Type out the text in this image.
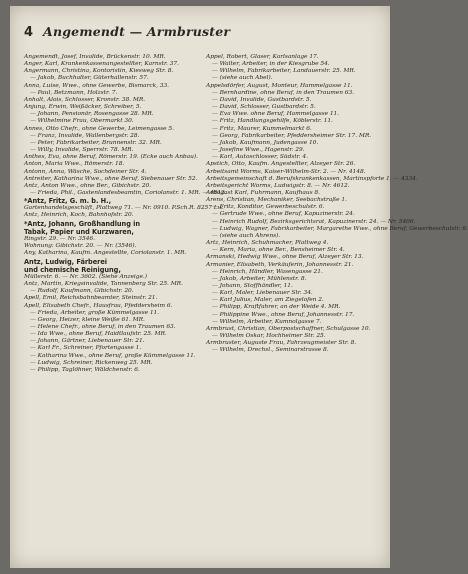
4 Angemendt — Armbruster
Angemendt, Josef, Invalide, Brückenstr. 10. MR.
Anger, Karl, Krankenkassenangestellter, Karnstr. 37.
Angermann, Christina, Kontoristin, Kiesweg Str. 8.
— Jakob, Buchhalter, Güterhallenstr. 57.
Anna, Luise, Wwe., ohne Gewerbe, Bismarck, 33.
— Paul, Betzmann, Holzstr. 7.
Anhalt, Alois, Schlosser, Kronstr. 38. MR.
Anjung, Erwin, Weißäcker, Schreiber, 5.
— Johann, Pensionär, Rosengasse 28. MR.
— Wilhelmine Frau, Obermarkt 30.
Annes, Otto Chefr., ohne Gewerbe, Leimengasse 5.
— Franz, Invalide, Wallenbergstr. 28.
— Peter, Fabrikarbeiter, Brunnenstr. 32. MR.
— Willy, Invalide, Sperrstr. 78. MR.
Anthes, Eva, ohne Beruf, Römerstr. 19. (Ecke auch Anbau).
Anton, Maria Wwe., Römerstr. 18.
Antonn, Anna, Wäsche, Sochdeiner Str. 4.
Antreiter, Katharina Wwe., ohne Beruf, Siebenauer Str. 52.
Antz, Anton Wwe., ohne Ber., Gibichstr. 20.
— Frieda, Phil., Gastenlandesbeamtin, Coriolanstr. 1. MR. — 4812.
*Antz, Fritz, G. m. b. H.,
Gartenhandelsgeschäft, Plattweg 71. — Nr. 0910. P.Sch.R. 8257 Lw.
Antz, Heinrich, Koch, Bahnhofstr. 20.
*Antz, Johann, Großhandlung in
Tabak, Papier und Kurzwaren,
Ringstr. 29. — Nr. 3546.
Wohnung: Gibichstr. 20. — Nr. (3546).
Any, Katharina, Kaufm. Angestellte, Coriolanstr. 1. MR.
Antz, Ludwig, Färberei
und chemische Reinigung,
Müllerstr. 6. — Nr. 3602. (Siehe Anzeige.)
Antz, Martin, Kriegsinvalide, Tannenberg Str. 25. MR.
— Rudolf, Kaufmann, Gibichstr. 20.
Apell, Emil, Reichsbahnbeamter, Steinstr. 21.
Apell, Elisabeth Chefr., Hausfrau, Pfeddersheim 6.
— Frieda, Arbeiter, große Kümmelgasse 11.
— Georg, Heizer, kleine Weiße 61. MR.
— Helene Chefr., ohne Beruf, in den Traumen 63.
— Ida Wwe., ohne Beruf, Haidtlaufstr. 25. MR.
— Johann, Gärtner, Liebenauer Str. 21.
— Karl Fr., Schreiner, Pfortengasse 1.
— Katharina Wwe., ohne Beruf, große Kümmelgasse 11.
— Ludwig, Schreiner, Rickenweg 25. MR.
— Philipp, Taglöhner, Wäldchenstr. 6.
Appel, Robert, Glaser, Karlsanlage 17.
— Walter, Arbeiter, in der Kiesgrube 54.
— Wilhelm, Fabrikarbeiter, Landauerstr. 25. MR.
— (siehe auch Abel).
Appelsdörfer, August, Monteur, Hammelgasse 11.
— Bernhardine, ohne Beruf, in den Traumen 63.
— David, Invalide, Gustbardstr. 5.
— David, Schlosser, Gustbardstr. 5.
— Eva Wwe. ohne Beruf, Hammelgasse 11.
— Fritz, Handlungsgehilfe, Köblerstr. 11.
— Fritz, Maurer, Kummelmarkt 6.
— Georg, Fabrikarbeiter, Pfeddersheimer Str. 17. MR.
— Jakob, Kaufmann, Judengasse 10.
— Josefine Wwe., Hagenstr. 29.
— Karl, Autoschlosser, Südstr. 4.
Apstich, Otto, Kaufm. Angestellter, Alzeyer Str. 26.
Arbeitsamt Worms, Kaiser-Wilhelm-Str. 2. — Nr. 4148.
Arbeitsgemeinschaft d. Berufskrankenkassen, Martinspforte 1. — 4334.
Arbeitsgericht Worms, Ludwigstr. 8. — Nr. 4612.
Arbogast Karl, Fuhrmann, Kaufhaus 8.
Arens, Christian, Mechaniker, Seebachstraße 1.
— Fritz, Konditor, Gewerbeschulstr. 6.
— Gertrude Wwe., ohne Beruf, Kapuzinerstr. 24.
— Heinrich Rudolf, Bezirksgerichtsrat, Kapuzinerstr. 24. — Nr. 5406.
— Ludwig, Wagner, Fabrikarbeiter, Margarethe Wwe., ohne Beruf, Gewerbeschulstr. 6.
— (siehe auch Ahrens).
Artz, Heinrich, Schuhmacher, Plattweg 4.
— Kern, Maria, ohne Ber., Bensheimer Str. 4.
Armanski, Hedwig Wwe., ohne Beruf, Alzeyer Str. 13.
Armanier, Elisabeth, Verkäuferin, Johannesstr. 21.
— Heinrich, Händler, Wasengasse 21.
— Jakob, Arbeiter, Mühlenstr. 8.
— Johann, Stoffhändler, 11.
— Karl, Maler, Liebenauer Str. 34.
— Karl Julius, Maler, am Ziegelofen 2.
— Philipp, Kraftfahrer, an der Weide 4. MR.
— Philippine Wwe., ohne Beruf, Johannesstr. 17.
— Wilhelm, Arbeiter, Kumnolgasse 7.
Armbrust, Christian, Oberpostschaffner, Schulgasse 10.
— Wilhelm Oskar, Hochheimer Str. 25.
Armbruster, Auguste Frau, Fahrzeugmeister Str. 8.
— Wilhelm, Drechsl., Seminarstrasse 8.
